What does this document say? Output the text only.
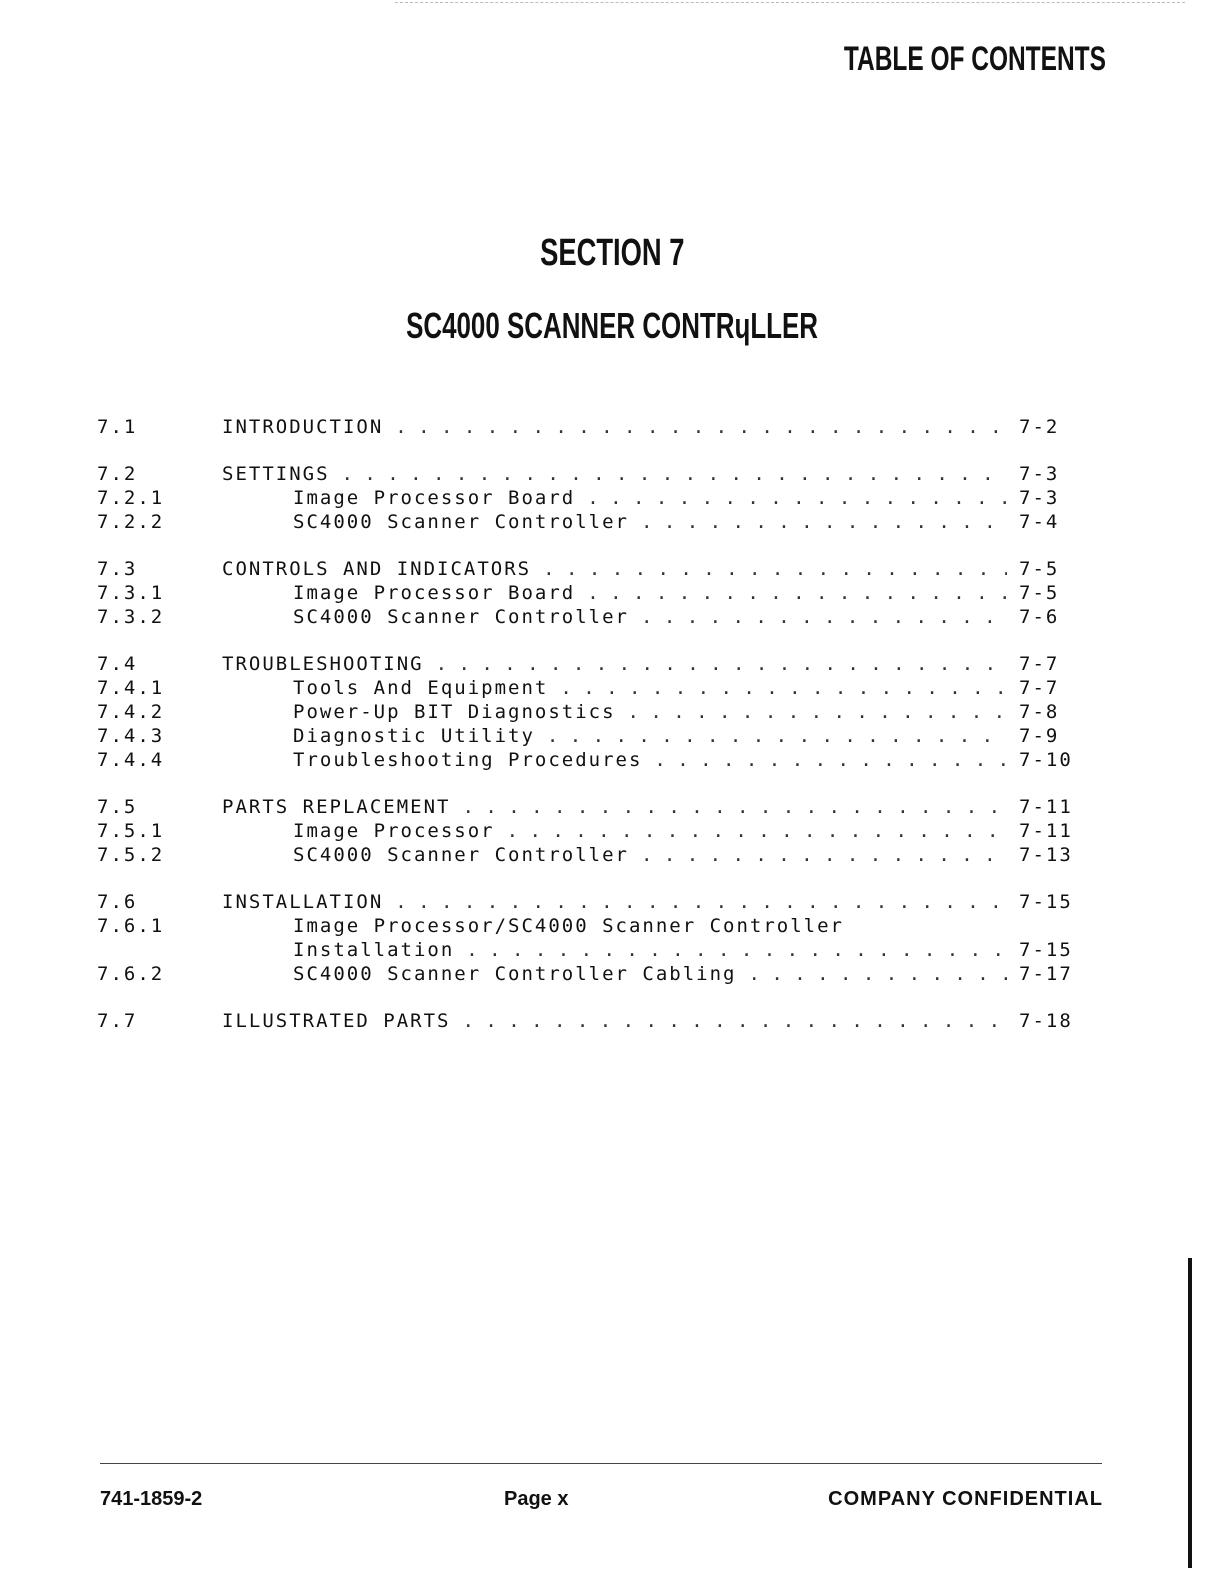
TABLE OF CONTENTS
SECTION 7
SC4000 SCANNER CONTRɥLLER
7.1	INTRODUCTION . . .	7-2
7.2	SETTINGS . . .	7-3
7.2.1	Image Processor Board . . .	7-3
7.2.2	SC4000 Scanner Controller . . .	7-4
7.3	CONTROLS AND INDICATORS . . .	7-5
7.3.1	Image Processor Board . . .	7-5
7.3.2	SC4000 Scanner Controller . . .	7-6
7.4	TROUBLESHOOTING . . .	7-7
7.4.1	Tools And Equipment . . .	7-7
7.4.2	Power-Up BIT Diagnostics . . .	7-8
7.4.3	Diagnostic Utility . . .	7-9
7.4.4	Troubleshooting Procedures . . .	7-10
7.5	PARTS REPLACEMENT . . .	7-11
7.5.1	Image Processor . . .	7-11
7.5.2	SC4000 Scanner Controller . . .	7-13
7.6	INSTALLATION . . .	7-15
7.6.1	Image Processor/SC4000 Scanner Controller
Installation . . .	7-15
7.6.2	SC4000 Scanner Controller Cabling . . .	7-17
7.7	ILLUSTRATED PARTS . . .	7-18
741-1859-2	Page x	COMPANY CONFIDENTIAL
